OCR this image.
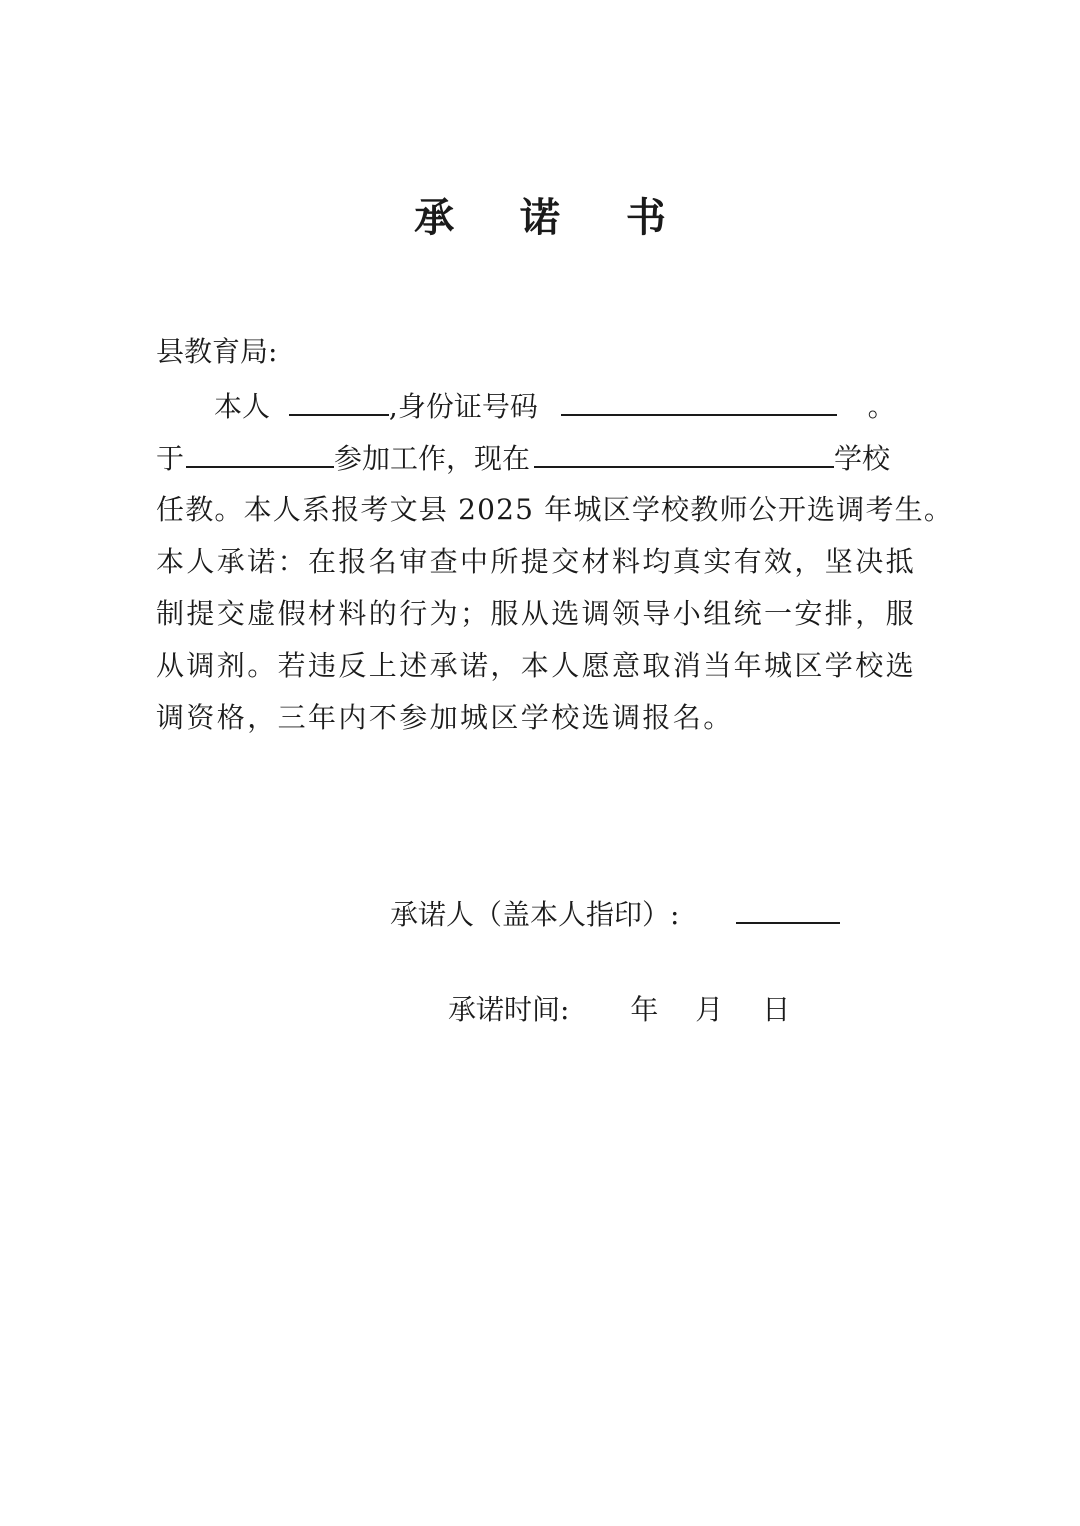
承 诺 书
县教育局:
本人	,身份证号码	。
于	参加工作，现在	学校
任教。本人系报考文县 2025 年城区学校教师公开选调考生。
本人承诺：在报名审查中所提交材料均真实有效，坚决抵
制提交虚假材料的行为；服从选调领导小组统一安排，服
从调剂。若违反上述承诺，本人愿意取消当年城区学校选
调资格，三年内不参加城区学校选调报名。
承诺人（盖本人指印）:
承诺时间: 年 月 日
